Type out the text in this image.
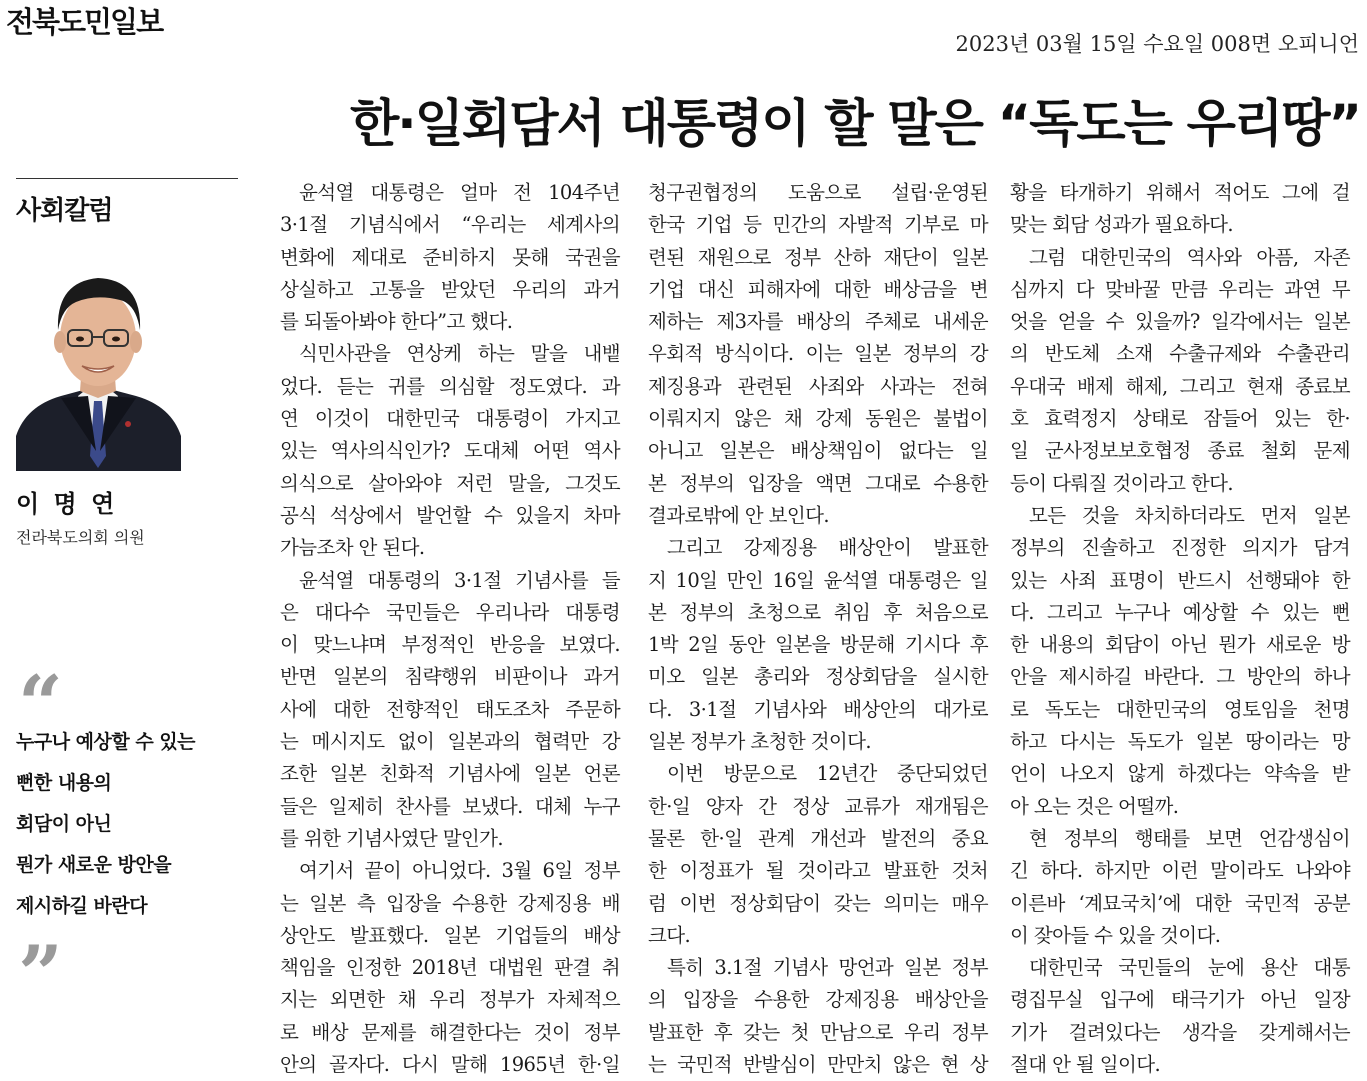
전북도민일보
2023년 03월 15일 수요일 008면 오피니언
한·일회담서 대통령이 할 말은 “독도는 우리땅”
사회칼럼
이 명 연
전라북도의회 의원
“
누구나 예상할 수 있는
뻔한 내용의
회담이 아닌
뭔가 새로운 방안을
제시하길 바란다
”
윤석열 대통령은 얼마 전 104주년
3·1절 기념식에서 “우리는 세계사의
변화에 제대로 준비하지 못해 국권을
상실하고 고통을 받았던 우리의 과거
를 되돌아봐야 한다”고 했다.
식민사관을 연상케 하는 말을 내뱉
었다. 듣는 귀를 의심할 정도였다. 과
연 이것이 대한민국 대통령이 가지고
있는 역사의식인가? 도대체 어떤 역사
의식으로 살아와야 저런 말을, 그것도
공식 석상에서 발언할 수 있을지 차마
가늠조차 안 된다.
윤석열 대통령의 3·1절 기념사를 들
은 대다수 국민들은 우리나라 대통령
이 맞느냐며 부정적인 반응을 보였다.
반면 일본의 침략행위 비판이나 과거
사에 대한 전향적인 태도조차 주문하
는 메시지도 없이 일본과의 협력만 강
조한 일본 친화적 기념사에 일본 언론
들은 일제히 찬사를 보냈다. 대체 누구
를 위한 기념사였단 말인가.
여기서 끝이 아니었다. 3월 6일 정부
는 일본 측 입장을 수용한 강제징용 배
상안도 발표했다. 일본 기업들의 배상
책임을 인정한 2018년 대법원 판결 취
지는 외면한 채 우리 정부가 자체적으
로 배상 문제를 해결한다는 것이 정부
안의 골자다. 다시 말해 1965년 한·일
청구권협정의 도움으로 설립·운영된
한국 기업 등 민간의 자발적 기부로 마
련된 재원으로 정부 산하 재단이 일본
기업 대신 피해자에 대한 배상금을 변
제하는 제3자를 배상의 주체로 내세운
우회적 방식이다. 이는 일본 정부의 강
제징용과 관련된 사죄와 사과는 전혀
이뤄지지 않은 채 강제 동원은 불법이
아니고 일본은 배상책임이 없다는 일
본 정부의 입장을 액면 그대로 수용한
결과로밖에 안 보인다.
그리고 강제징용 배상안이 발표한
지 10일 만인 16일 윤석열 대통령은 일
본 정부의 초청으로 취임 후 처음으로
1박 2일 동안 일본을 방문해 기시다 후
미오 일본 총리와 정상회담을 실시한
다. 3·1절 기념사와 배상안의 대가로
일본 정부가 초청한 것이다.
이번 방문으로 12년간 중단되었던
한·일 양자 간 정상 교류가 재개됨은
물론 한·일 관계 개선과 발전의 중요
한 이정표가 될 것이라고 발표한 것처
럼 이번 정상회담이 갖는 의미는 매우
크다.
특히 3.1절 기념사 망언과 일본 정부
의 입장을 수용한 강제징용 배상안을
발표한 후 갖는 첫 만남으로 우리 정부
는 국민적 반발심이 만만치 않은 현 상
황을 타개하기 위해서 적어도 그에 걸
맞는 회담 성과가 필요하다.
그럼 대한민국의 역사와 아픔, 자존
심까지 다 맞바꿀 만큼 우리는 과연 무
엇을 얻을 수 있을까? 일각에서는 일본
의 반도체 소재 수출규제와 수출관리
우대국 배제 해제, 그리고 현재 종료보
호 효력정지 상태로 잠들어 있는 한·
일 군사정보보호협정 종료 철회 문제
등이 다뤄질 것이라고 한다.
모든 것을 차치하더라도 먼저 일본
정부의 진솔하고 진정한 의지가 담겨
있는 사죄 표명이 반드시 선행돼야 한
다. 그리고 누구나 예상할 수 있는 뻔
한 내용의 회담이 아닌 뭔가 새로운 방
안을 제시하길 바란다. 그 방안의 하나
로 독도는 대한민국의 영토임을 천명
하고 다시는 독도가 일본 땅이라는 망
언이 나오지 않게 하겠다는 약속을 받
아 오는 것은 어떨까.
현 정부의 행태를 보면 언감생심이
긴 하다. 하지만 이런 말이라도 나와야
이른바 ‘계묘국치’에 대한 국민적 공분
이 잦아들 수 있을 것이다.
대한민국 국민들의 눈에 용산 대통
령집무실 입구에 태극기가 아닌 일장
기가 걸려있다는 생각을 갖게해서는
절대 안 될 일이다.
